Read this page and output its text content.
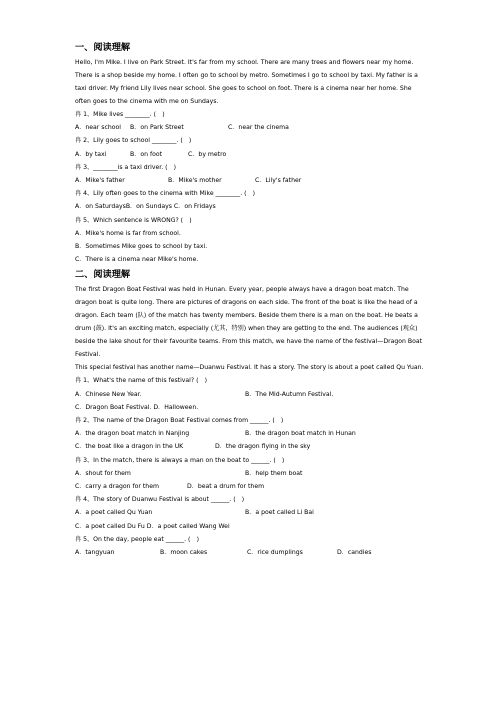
一、阅读理解

Hello, I'm Mike. I live on Park Street. It's far from my school. There are many trees and flowers near my home. There is a shop beside my home. I often go to school by metro. Sometimes I go to school by taxi. My father is a taxi driver. My friend Lily lives near school. She goes to school on foot. There is a cinema near her home. She often goes to the cinema with me on Sundays.

冉 1、Mike lives ________. (　)
A．near school B．on Park Street	C．near the cinema
冉 2、Lily goes to school ________. (　)
A．by taxi	B．on foot	C．by metro
冉 3、________is a taxi driver. (　)
A．Mike's father	B．Mike's mother	C．Lily's father
冉 4、Lily often goes to the cinema with Mike ________. (　)
A．on SaturdaysB．on Sundays C．on Fridays
冉 5、Which sentence is WRONG? (　)
A．Mike's home is far from school.
B．Sometimes Mike goes to school by taxi.
C．There is a cinema near Mike's home.
二、阅读理解

The first Dragon Boat Festival was held in Hunan. Every year, people always have a dragon boat match. The dragon boat is quite long. There are pictures of dragons on each side. The front of the boat is like the head of a dragon. Each team (队) of the match has twenty members. Beside them there is a man on the boat. He beats a drum (鼓). It's an exciting match, especially (尤其，特别) when they are getting to the end. The audiences (观众) beside the lake shout for their favourite teams. From this match, we have the name of the festival—Dragon Boat Festival.

This special festival has another name—Duanwu Festival. It has a story. The story is about a poet called Qu Yuan.

冉 1、What's the name of this festival? (　)
A．Chinese New Year.	B．The Mid-Autumn Festival.
C．Dragon Boat Festival. D．Halloween.
冉 2、The name of the Dragon Boat Festival comes from ______. (　)
A．the dragon boat match in Nanjing	B．the dragon boat match in Hunan
C．the boat like a dragon in the UK	D．the dragon flying in the sky
冉 3、In the match, there is always a man on the boat to ______. (　)
A．shout for them	B．help them boat
C．carry a dragon for them	D．beat a drum for them
冉 4、The story of Duanwu Festival is about ______. (　)
A．a poet called Qu Yuan	B．a poet called Li Bai
C．a poet called Du Fu D．a poet called Wang Wei
冉 5、On the day, people eat ______. (　)
A．tangyuan	B．moon cakes	C．rice dumplings	D．candies
